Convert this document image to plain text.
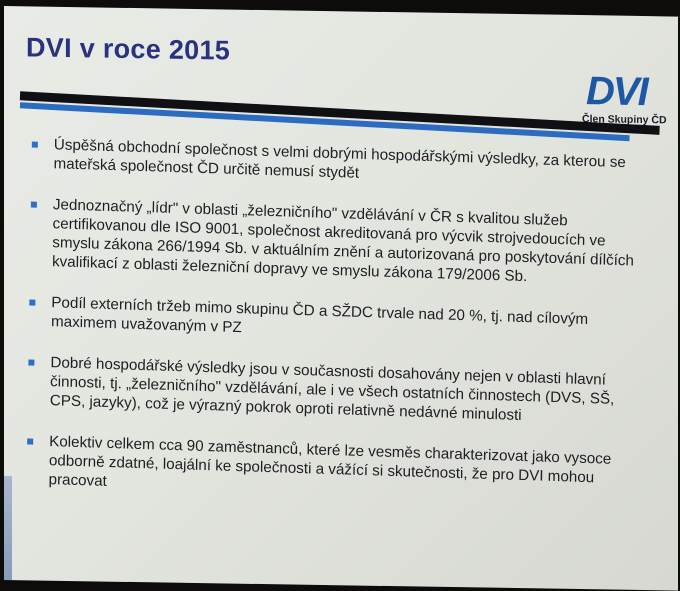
DVI v roce 2015
DVI
Člen Skupiny ČD
Úspěšná obchodní společnost s velmi dobrými hospodářskými výsledky, za kterou se mateřská společnost ČD určitě nemusí stydět
Jednoznačný „lídr" v oblasti „železničního" vzdělávání v ČR s kvalitou služeb certifikovanou dle ISO 9001, společnost akreditovaná pro výcvik strojvedoucích ve smyslu zákona 266/1994 Sb. v aktuálním znění a autorizovaná pro poskytování dílčích kvalifikací z oblasti železniční dopravy ve smyslu zákona 179/2006 Sb.
Podíl externích tržeb mimo skupinu ČD a SŽDC trvale nad 20 %, tj. nad cílovým maximem uvažovaným v PZ
Dobré hospodářské výsledky jsou v současnosti dosahovány nejen v oblasti hlavní činnosti, tj. „železničního" vzdělávání, ale i ve všech ostatních činnostech (DVS, SŠ, CPS, jazyky), což je výrazný pokrok oproti relativně nedávné minulosti
Kolektiv celkem cca 90 zaměstnanců, které lze vesměs charakterizovat jako vysoce odborně zdatné, loajální ke společnosti a vážící si skutečnosti, že pro DVI mohou pracovat
